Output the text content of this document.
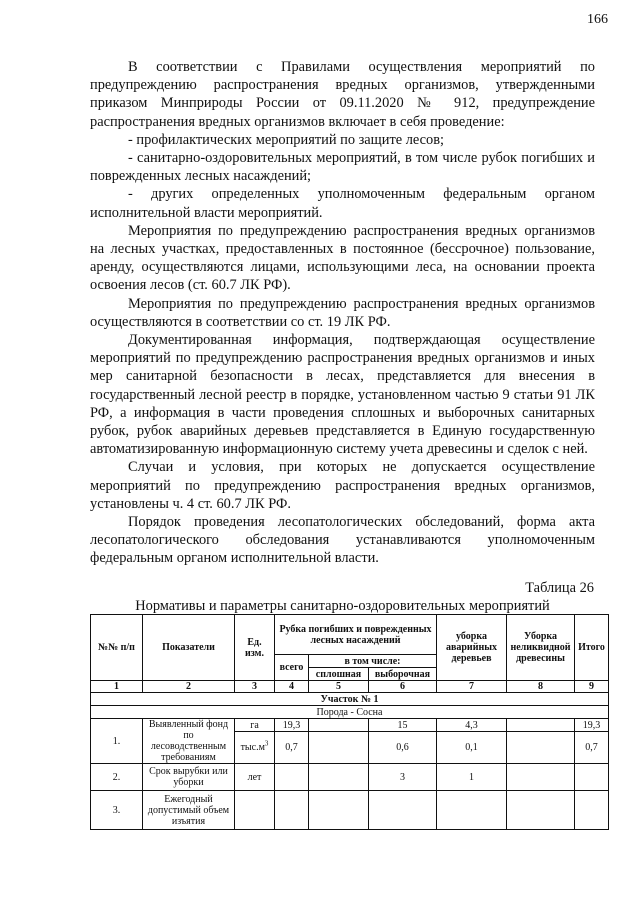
166

В соответствии с Правилами осуществления мероприятий по предупреждению распространения вредных организмов, утвержденными приказом Минприроды России от 09.11.2020 № 912, предупреждение распространения вредных организмов включает в себя проведение:

- профилактических мероприятий по защите лесов;

- санитарно-оздоровительных мероприятий, в том числе рубок погибших и поврежденных лесных насаждений;

- других определенных уполномоченным федеральным органом исполнительной власти мероприятий.

Мероприятия по предупреждению распространения вредных организмов на лесных участках, предоставленных в постоянное (бессрочное) пользование, аренду, осуществляются лицами, использующими леса, на основании проекта освоения лесов (ст. 60.7 ЛК РФ).

Мероприятия по предупреждению распространения вредных организмов осуществляются в соответствии со ст. 19 ЛК РФ.

Документированная информация, подтверждающая осуществление мероприятий по предупреждению распространения вредных организмов и иных мер санитарной безопасности в лесах, представляется для внесения в государственный лесной реестр в порядке, установленном частью 9 статьи 91 ЛК РФ, а информация в части проведения сплошных и выборочных санитарных рубок, рубок аварийных деревьев представляется в Единую государственную автоматизированную информационную систему учета древесины и сделок с ней.

Случаи и условия, при которых не допускается осуществление мероприятий по предупреждению распространения вредных организмов, установлены ч. 4 ст. 60.7 ЛК РФ.

Порядок проведения лесопатологических обследований, форма акта лесопатологического обследования устанавливаются уполномоченным федеральным органом исполнительной власти.

Таблица 26
Нормативы и параметры санитарно-оздоровительных мероприятий
№№ п/п	Показатели	Ед. изм.	Рубка погибших и поврежденных лесных насаждений			уборка аварийных деревьев	Уборка неликвидной древесины	Итого
			всего	в том числе:				
				сплошная	выборочная			
1	2	3	4	5	6	7	8	9
Участок № 1								
Порода - Сосна								
1.	Выявленный фонд по лесоводственным требованиям	га	19,3		15	4,3		19,3
		$тыс.м^3$	0,7		0,6	0,1		0,7
2.	Срок вырубки или уборки	лет			3	1		
3.	Ежегодный допустимый объем изъятия							
